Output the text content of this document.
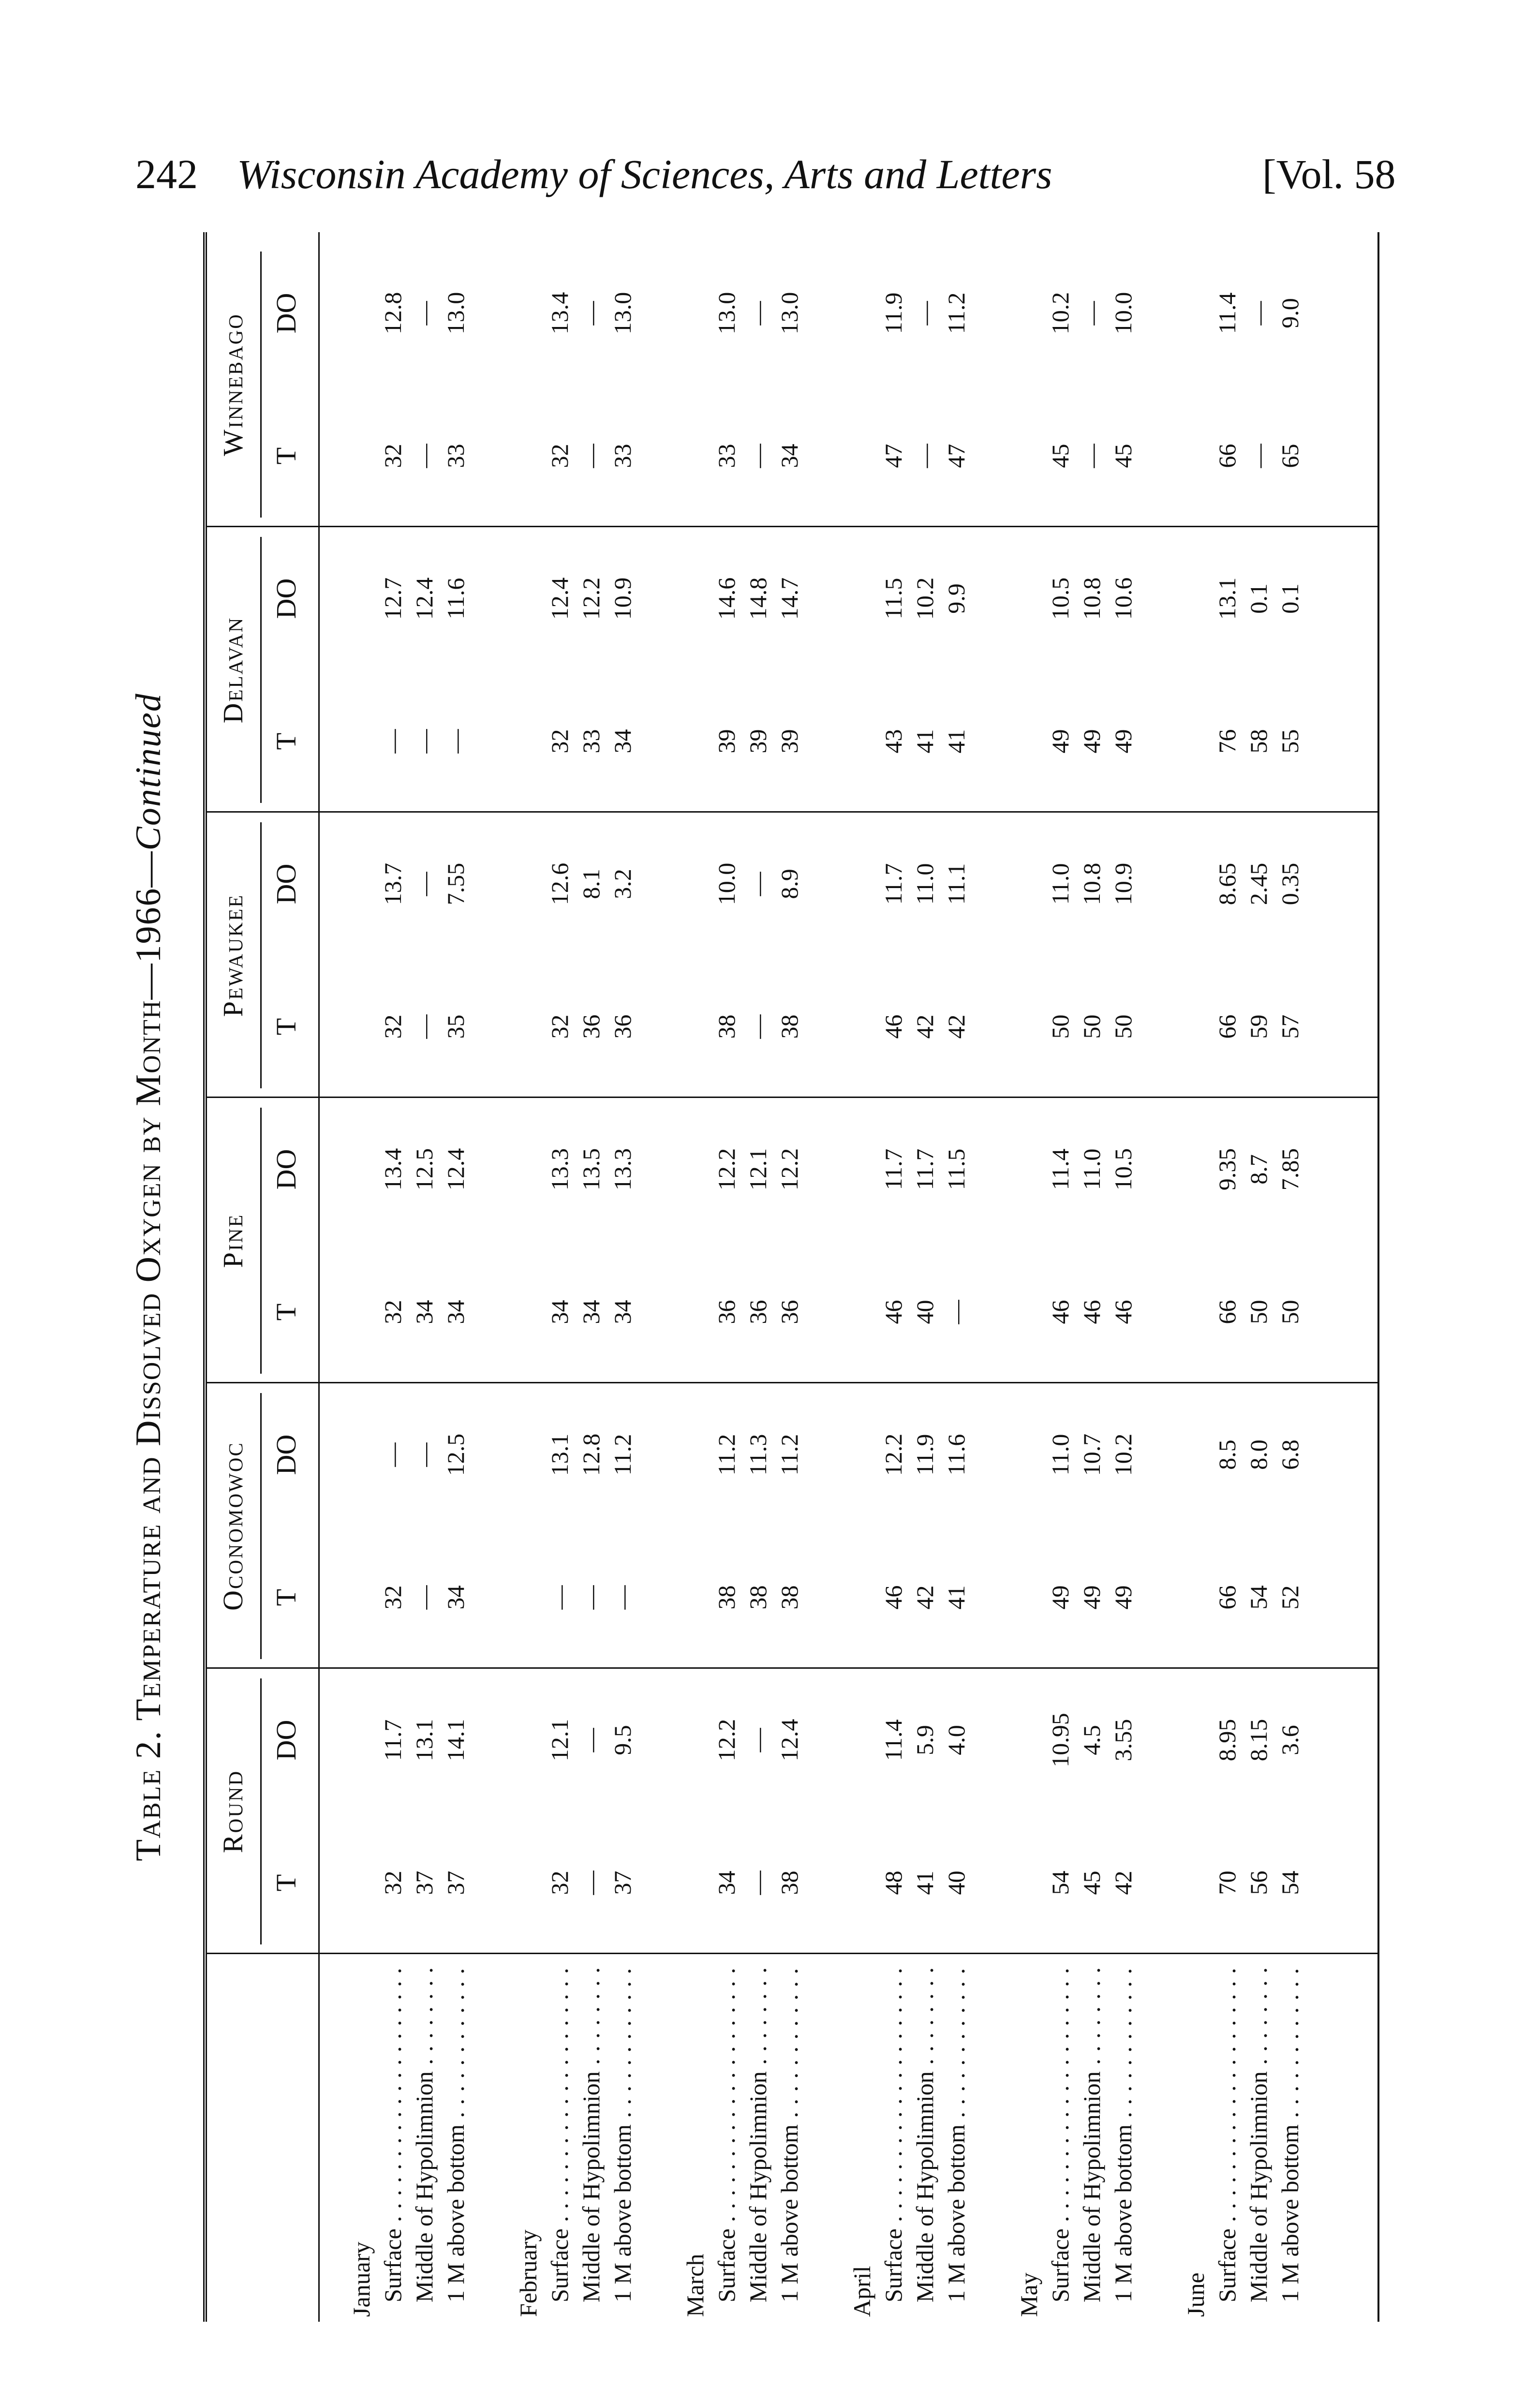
242 Wisconsin Academy of Sciences, Arts and Letters	[Vol. 58
Table 2. Temperature and Dissolved Oxygen by Month—1966—Continued
Round
T
DO
Oconomowoc T
DO
Pine
T
DO
Pewaukee
T
DO
Delavan
T
DO
Winnebago T
DO
January Surface . . .
32
11.7
32
—
32
13.4
32
13.7
—
12.7
32
12.8
Middle of Hypolimnion . . .
37
13.1
—
—
34
12.5
—
—
—
12.4
—
—
1 M above bottom . . .
37
14.1
34
12.5
34
12.4
35
7.55
—
11.6
33
13.0
February Surface . . .
32
12.1
—
13.1
34
13.3
32
12.6
32
12.4
32
13.4
Middle of Hypolimnion . . .
—
—
—
12.8
34
13.5
36
8.1
33
12.2
—
—
1 M above bottom . . .
37
9.5
—
11.2
34
13.3
36
3.2
34
10.9
33
13.0
March Surface . . .
34
12.2
38
11.2
36
12.2
38
10.0
39
14.6
33
13.0
Middle of Hypolimnion . . .
—
—
38
11.3
36
12.1
—
—
39
14.8
—
—
1 M above bottom . . .
38
12.4
38
11.2
36
12.2
38
8.9
39
14.7
34
13.0
April Surface . . .
48
11.4
46
12.2
46
11.7
46
11.7
43
11.5
47
11.9
Middle of Hypolimnion . . .
41
5.9
42
11.9
40
11.7
42
11.0
41
10.2
—
—
1 M above bottom . . .
40
4.0
41
11.6
—
11.5
42
11.1
41
9.9
47
11.2
May Surface . . .
54
10.95
49
11.0
46
11.4
50
11.0
49
10.5
45
10.2
Middle of Hypolimnion . . .
45
4.5
49
10.7
46
11.0
50
10.8
49
10.8
—
—
1 M above bottom . . .
42
3.55
49
10.2
46
10.5
50
10.9
49
10.6
45
10.0
June Surface . . .
70
8.95
66
8.5
66
9.35
66
8.65
76
13.1
66
11.4
Middle of Hypolimnion . . .
56
8.15
54
8.0
50
8.7
59
2.45
58
0.1
—
—
1 M above bottom . . .
54
3.6
52
6.8
50
7.85
57
0.35
55
0.1
65
9.0
